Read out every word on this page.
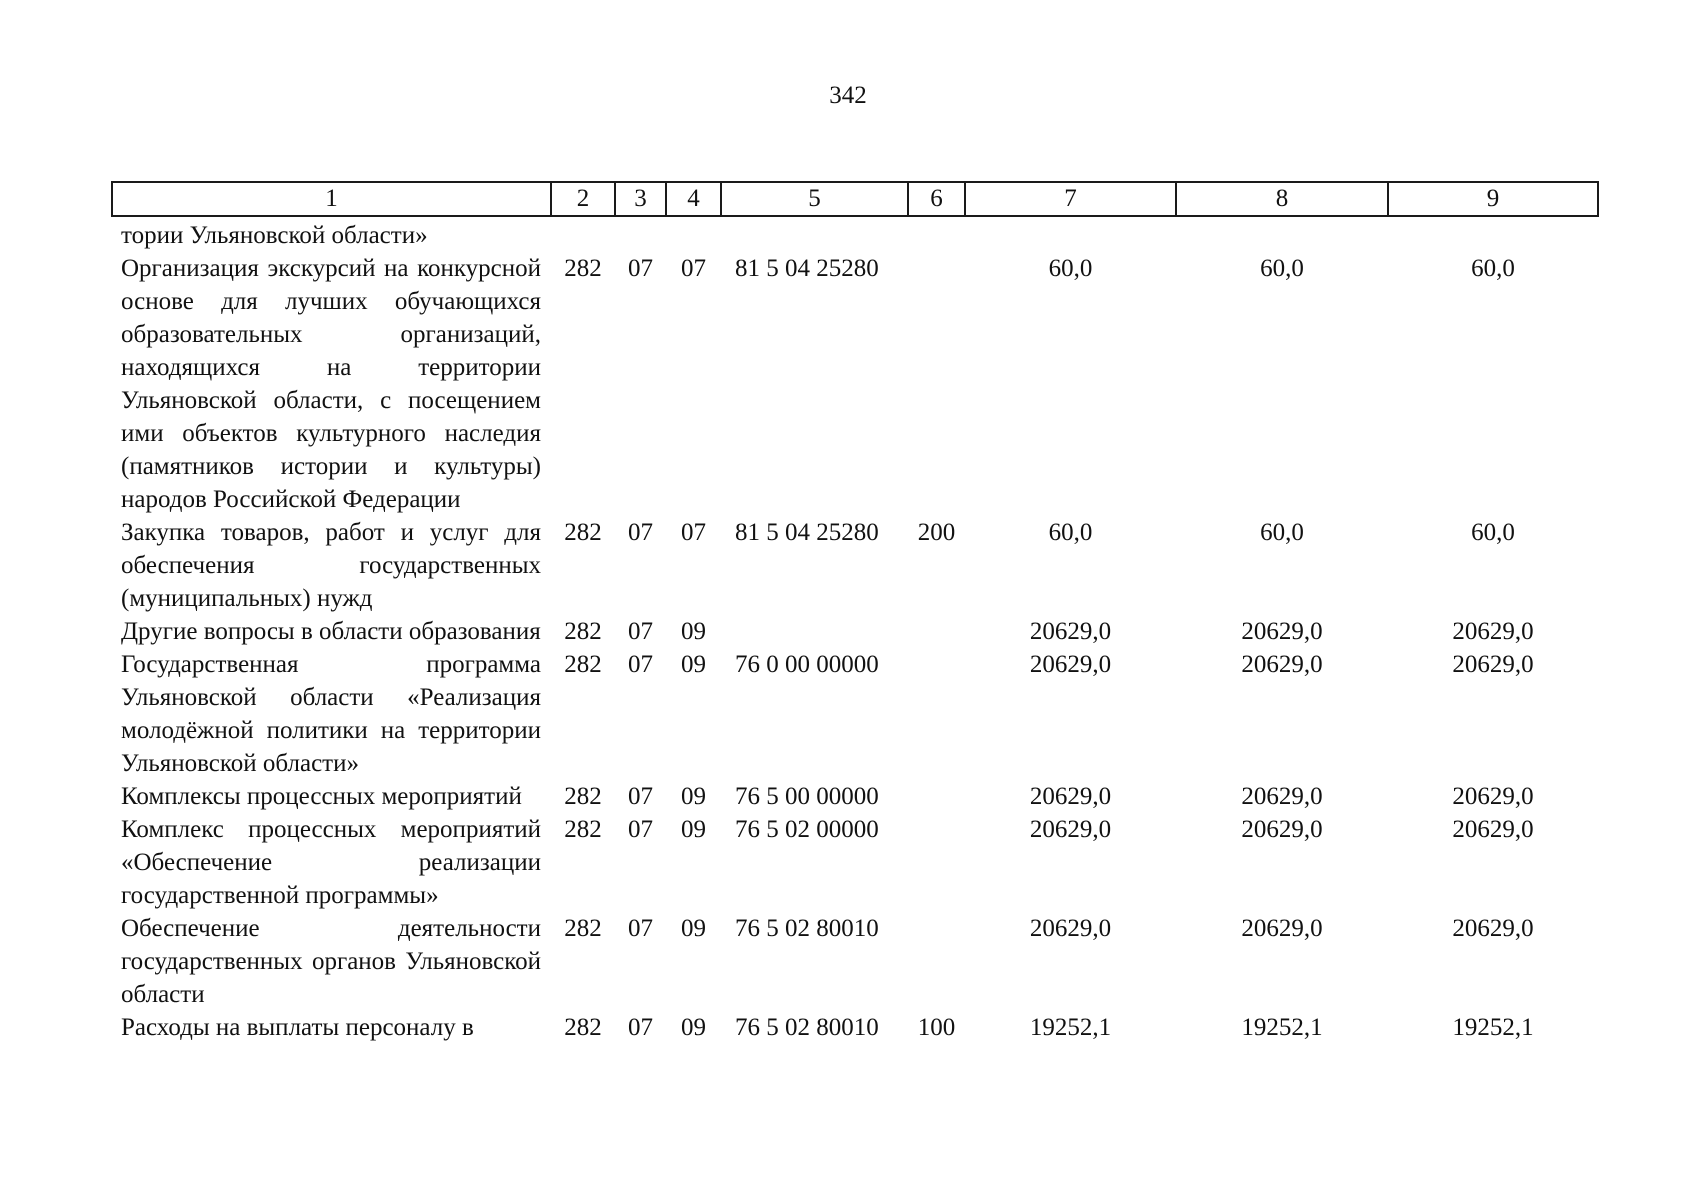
342
1	2	3	4	5	6	7	8	9
тории Ульяновской области»								
Организация экскурсий на конкурсной основе для лучших обучающихся образовательных организаций, находящихся на территории Ульяновской области, с посещением ими объектов культурного наследия (памятников истории и культуры) народов Российской Федерации	282	07	07	81 5 04 25280		60,0	60,0	60,0
Закупка товаров, работ и услуг для обеспечения государственных (муниципальных) нужд	282	07	07	81 5 04 25280	200	60,0	60,0	60,0
Другие вопросы в области образования	282	07	09			20629,0	20629,0	20629,0
Государственная программа Ульяновской области «Реализация молодёжной политики на территории Ульяновской области»	282	07	09	76 0 00 00000		20629,0	20629,0	20629,0
Комплексы процессных мероприятий	282	07	09	76 5 00 00000		20629,0	20629,0	20629,0
Комплекс процессных мероприятий «Обеспечение реализации государственной программы»	282	07	09	76 5 02 00000		20629,0	20629,0	20629,0
Обеспечение деятельности государственных органов Ульяновской области	282	07	09	76 5 02 80010		20629,0	20629,0	20629,0
Расходы на выплаты персоналу в	282	07	09	76 5 02 80010	100	19252,1	19252,1	19252,1
